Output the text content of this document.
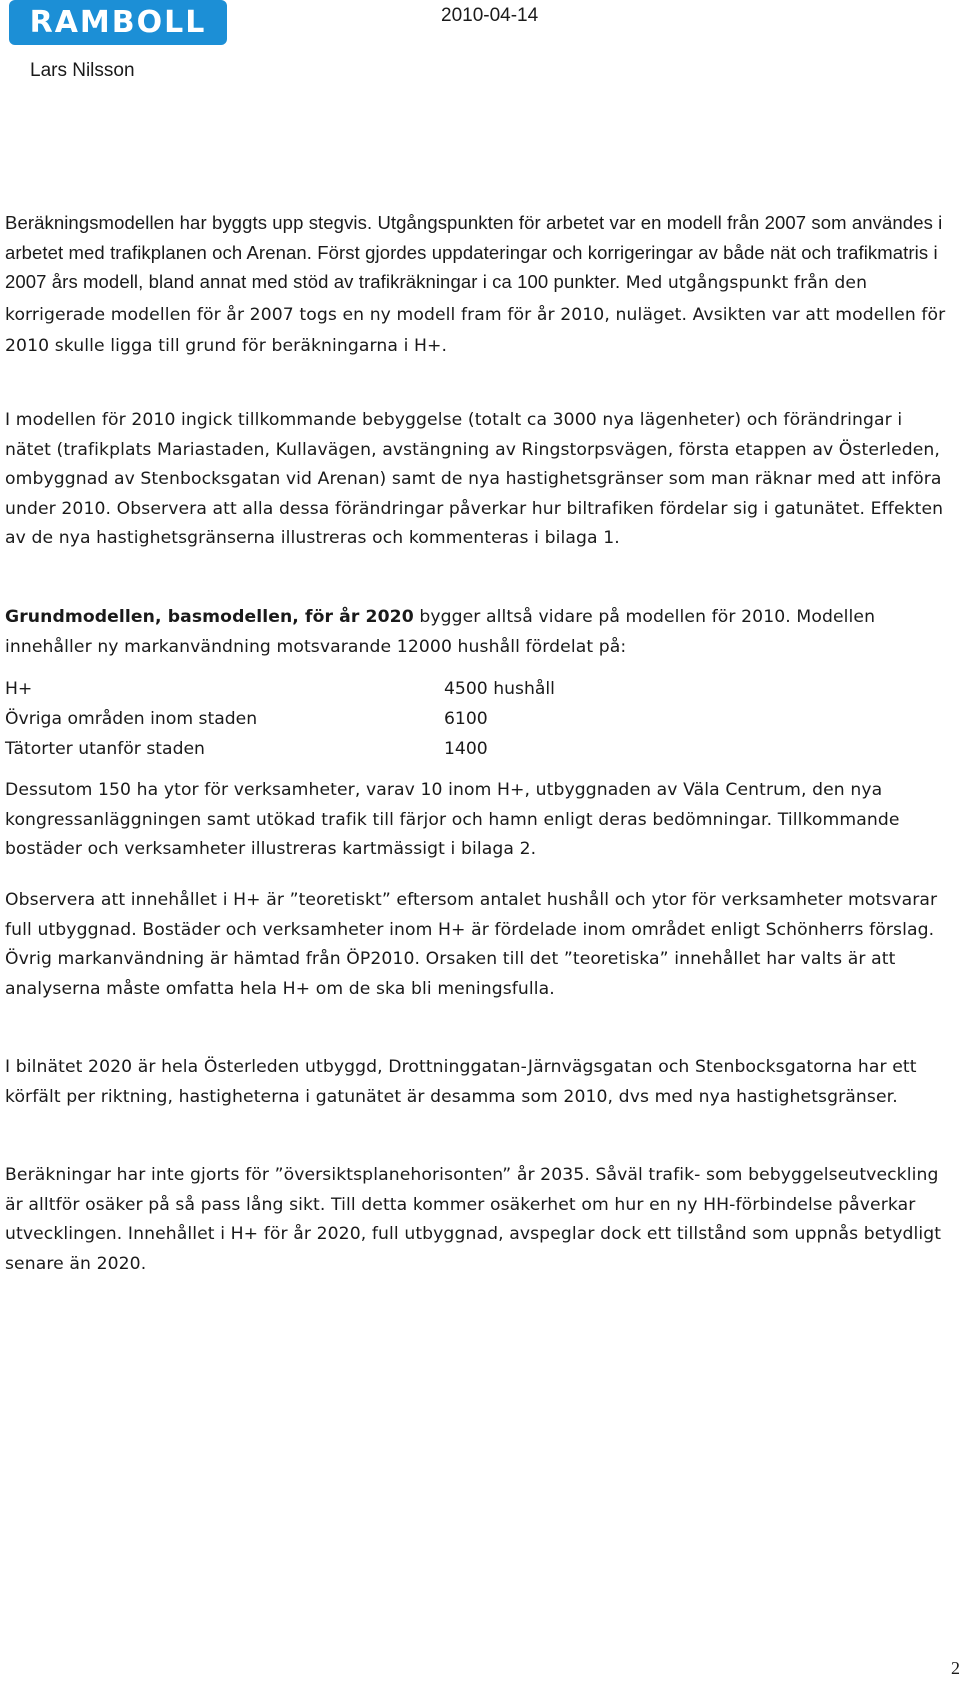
RAMBOLL	2010-04-14
Lars Nilsson

Beräkningsmodellen har byggts upp stegvis. Utgångspunkten för arbetet var en modell från 2007 som användes i arbetet med trafikplanen och Arenan. Först gjordes uppdateringar och korrigeringar av både nät och trafikmatris i 2007 års modell, bland annat med stöd av trafikräkningar i ca 100 punkter. Med utgångspunkt från den korrigerade modellen för år 2007 togs en ny modell fram för år 2010, nuläget. Avsikten var att modellen för 2010 skulle ligga till grund för beräkningarna i H+.

I modellen för 2010 ingick tillkommande bebyggelse (totalt ca 3000 nya lägenheter) och förändringar i nätet (trafikplats Mariastaden, Kullavägen, avstängning av Ringstorpsvägen, första etappen av Österleden, ombyggnad av Stenbocksgatan vid Arenan) samt de nya hastighetsgränser som man räknar med att införa under 2010. Observera att alla dessa förändringar påverkar hur biltrafiken fördelar sig i gatunätet. Effekten av de nya hastighetsgränserna illustreras och kommenteras i bilaga 1.

Grundmodellen, basmodellen, för år 2020 bygger alltså vidare på modellen för 2010. Modellen innehåller ny markanvändning motsvarande 12000 hushåll fördelat på:

H+	4500 hushåll
Övriga områden inom staden	6100
Tätorter utanför staden	1400

Dessutom 150 ha ytor för verksamheter, varav 10 inom H+, utbyggnaden av Väla Centrum, den nya kongressanläggningen samt utökad trafik till färjor och hamn enligt deras bedömningar. Tillkommande bostäder och verksamheter illustreras kartmässigt i bilaga 2.

Observera att innehållet i H+ är ”teoretiskt” eftersom antalet hushåll och ytor för verksamheter motsvarar full utbyggnad. Bostäder och verksamheter inom H+ är fördelade inom området enligt Schönherrs förslag. Övrig markanvändning är hämtad från ÖP2010. Orsaken till det ”teoretiska” innehållet har valts är att analyserna måste omfatta hela H+ om de ska bli meningsfulla.

I bilnätet 2020 är hela Österleden utbyggd, Drottninggatan-Järnvägsgatan och Stenbocksgatorna har ett körfält per riktning, hastigheterna i gatunätet är desamma som 2010, dvs med nya hastighetsgränser.

Beräkningar har inte gjorts för ”översiktsplanehorisonten” år 2035. Såväl trafik- som bebyggelseutveckling är alltför osäker på så pass lång sikt. Till detta kommer osäkerhet om hur en ny HH-förbindelse påverkar utvecklingen. Innehållet i H+ för år 2020, full utbyggnad, avspeglar dock ett tillstånd som uppnås betydligt senare än 2020.

2
